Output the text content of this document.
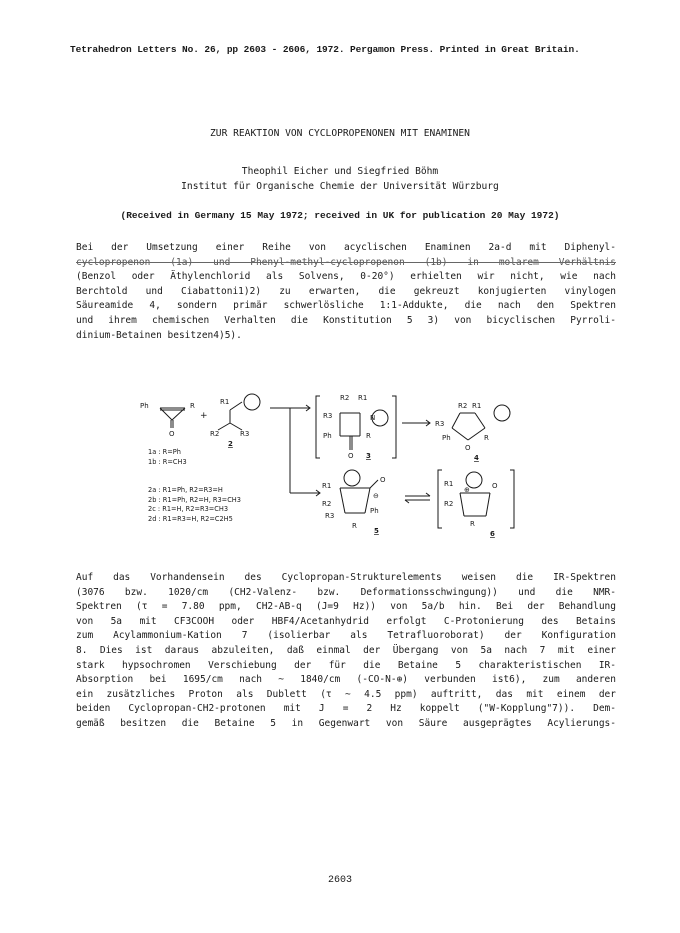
Tetrahedron Letters No. 26, pp 2603 - 2606, 1972. Pergamon Press. Printed in Great Britain.
ZUR REAKTION VON CYCLOPROPENONEN MIT ENAMINEN
Theophil Eicher und Siegfried Böhm
Institut für Organische Chemie der Universität Würzburg
(Received in Germany 15 May 1972; received in UK for publication 20 May 1972)
Bei der Umsetzung einer Reihe von acyclischen Enaminen 2a-d mit Diphenyl-
cyclopropenon (1a) und Phenyl-methyl-cyclopropenon (1b) in molarem Verhältnis
(Benzol oder Äthylenchlorid als Solvens, 0-20°) erhielten wir nicht, wie nach
Berchtold und Ciabattoni1)2) zu erwarten, die gekreuzt konjugierten vinylogen
Säureamide 4, sondern primär schwerlösliche 1:1-Addukte, die nach den Spektren
und ihrem chemischen Verhalten die Konstitution 5 3) von bicyclischen Pyrroli-
dinium-Betainen besitzen4)5).
Ph	R
O
+
R1
R2	R3
2
R3
R2 R1
Ph	R
N
O 3
R3
R2 R1
Ph	R
O
4
R1
R2
R3
O
⊖
Ph
R
5
R1
R2
⊕	O
R
6
1a : R=Ph
1b : R=CH3
2a : R1=Ph, R2=R3=H
2b : R1=Ph, R2=H, R3=CH3
2c : R1=H, R2=R3=CH3
2d : R1=R3=H, R2=C2H5
Auf das Vorhandensein des Cyclopropan-Strukturelements weisen die IR-Spektren
(3076 bzw. 1020/cm (CH2-Valenz- bzw. Deformationsschwingung)) und die NMR-
Spektren (τ = 7.80 ppm, CH2-AB-q (J=9 Hz)) von 5a/b hin. Bei der Behandlung
von 5a mit CF3COOH oder HBF4/Acetanhydrid erfolgt C-Protonierung des Betains
zum Acylammonium-Kation 7 (isolierbar als Tetrafluoroborat) der Konfiguration
8. Dies ist daraus abzuleiten, daß einmal der Übergang von 5a nach 7 mit einer
stark hypsochromen Verschiebung der für die Betaine 5 charakteristischen IR-
Absorption bei 1695/cm nach ~ 1840/cm (-CO-N-⊕) verbunden ist6), zum anderen
ein zusätzliches Proton als Dublett (τ ~ 4.5 ppm) auftritt, das mit einem der
beiden Cyclopropan-CH2-protonen mit J = 2 Hz koppelt ("W-Kopplung"7)). Dem-
gemäß besitzen die Betaine 5 in Gegenwart von Säure ausgeprägtes Acylierungs-
2603
